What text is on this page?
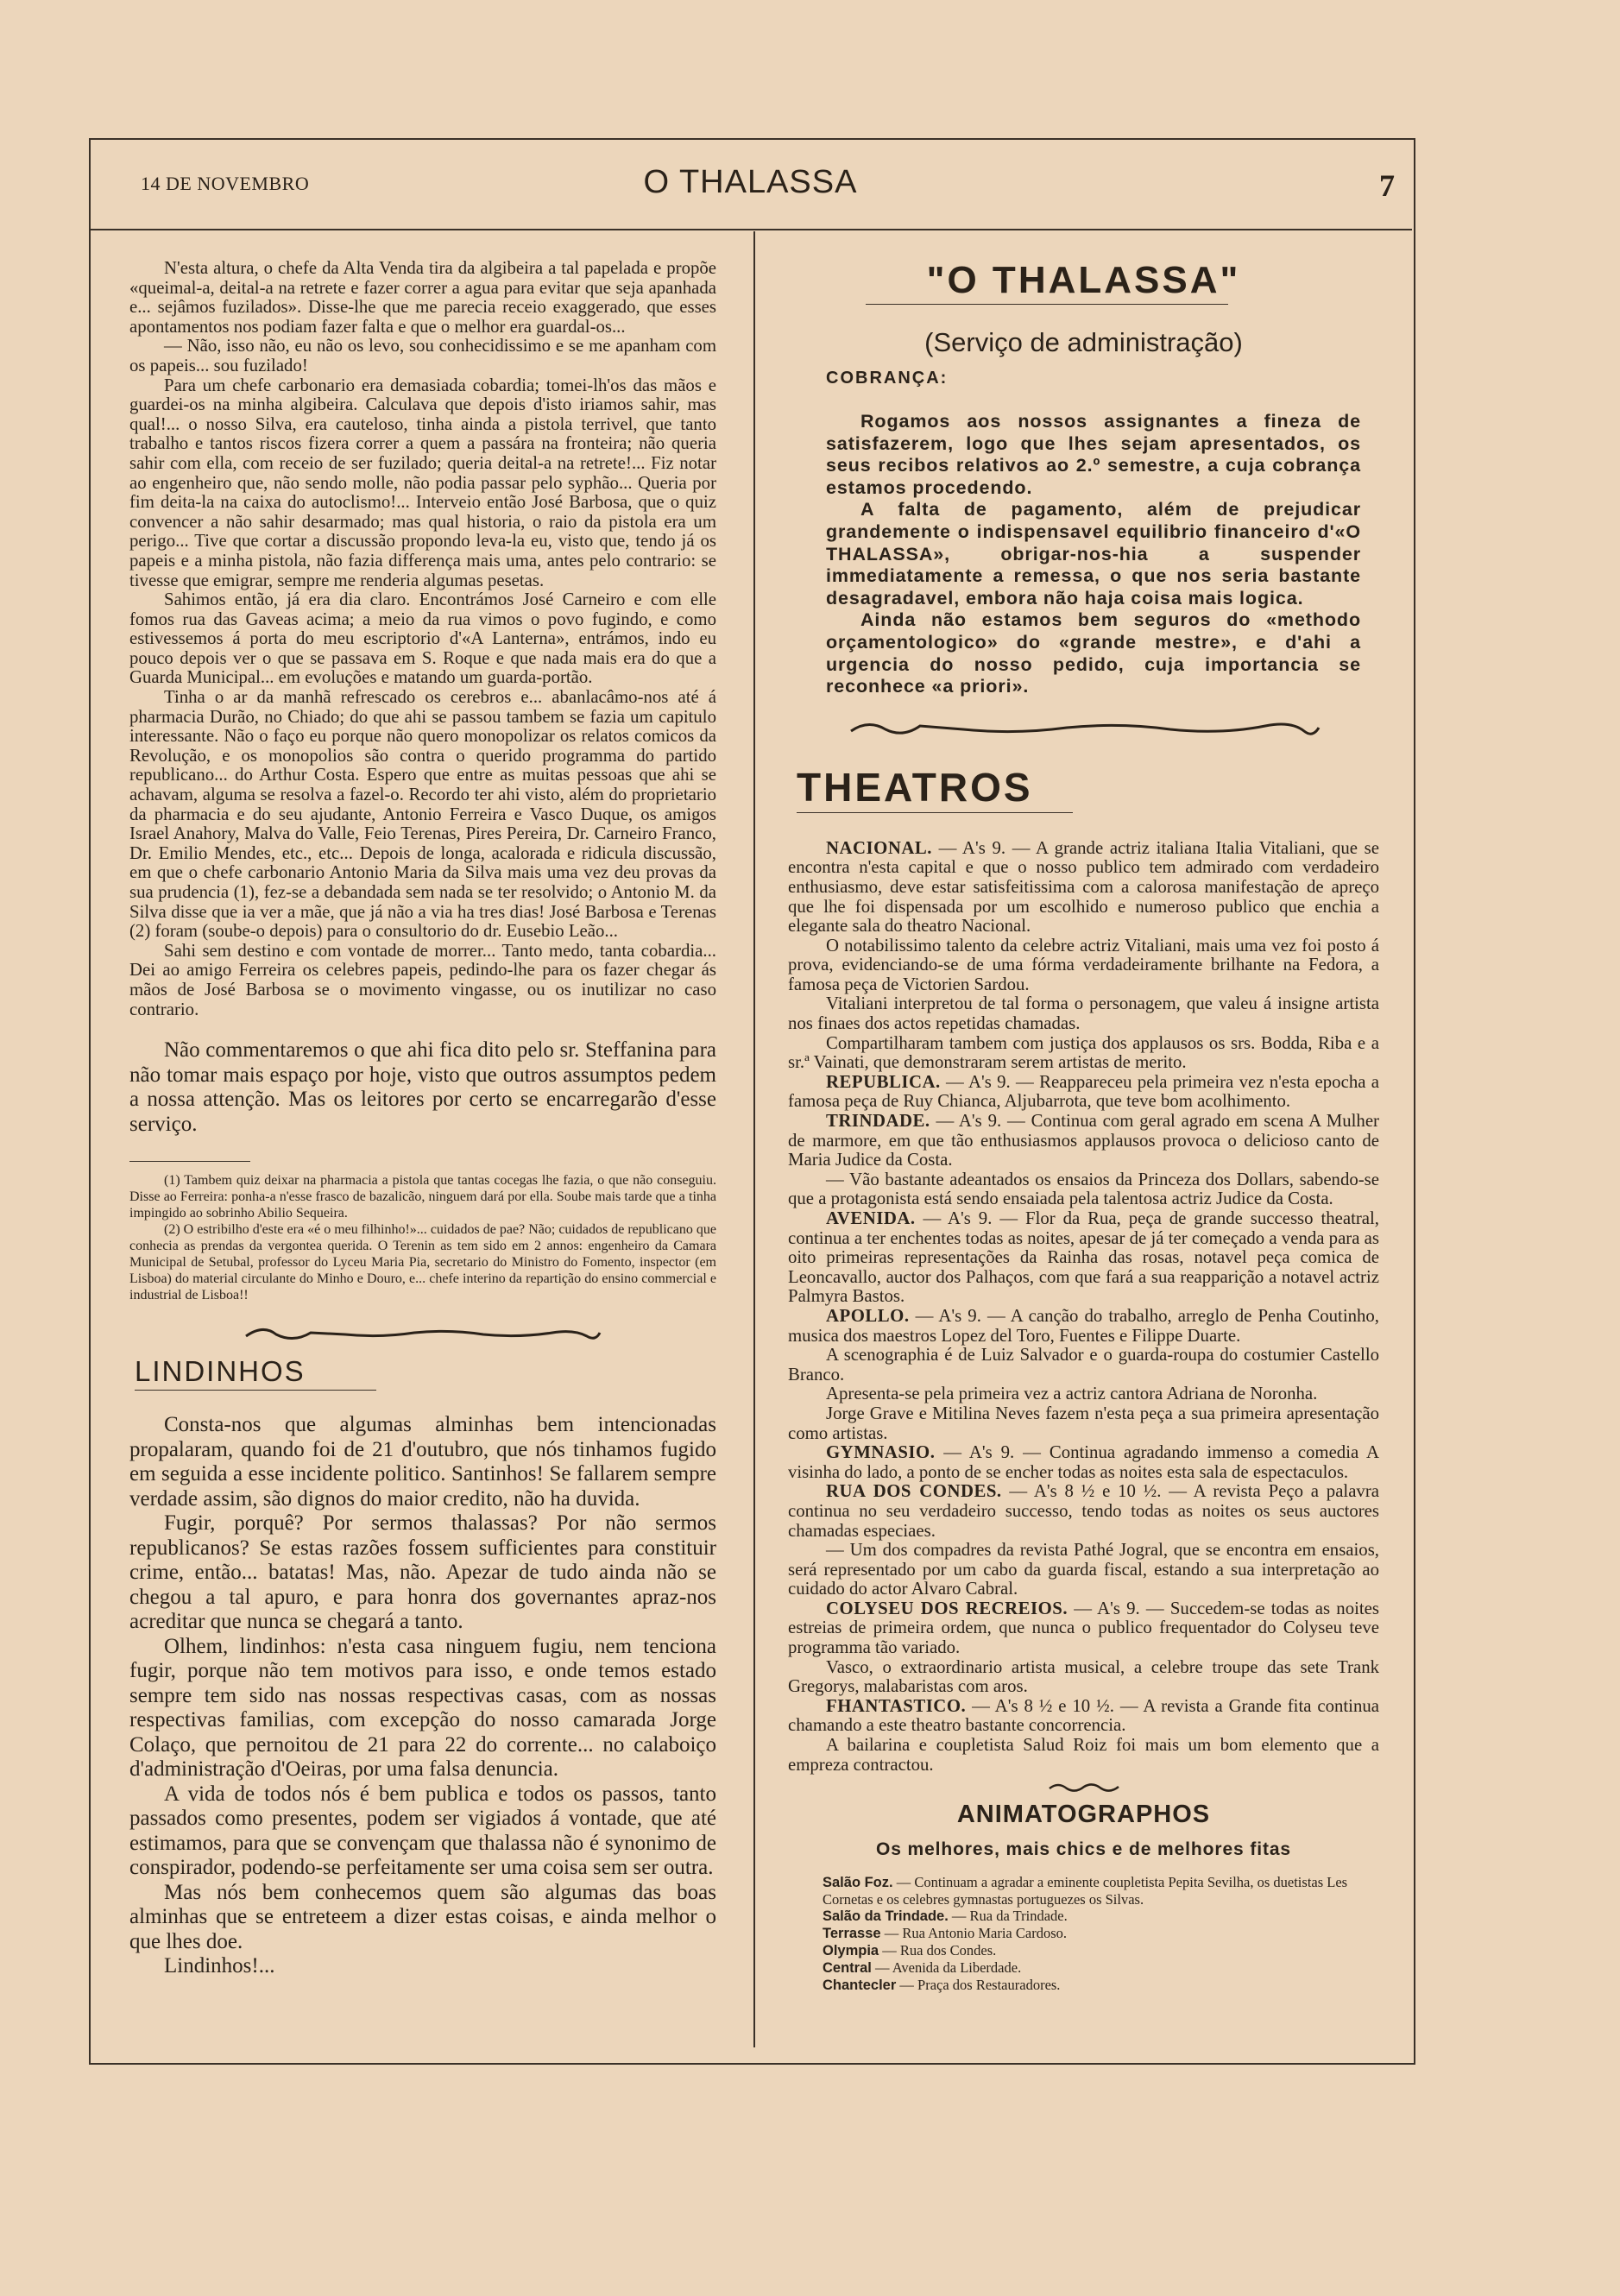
14 DE NOVEMBRO	O THALASSA	7

N'esta altura, o chefe da Alta Venda tira da algibeira a tal papelada e propõe «queimal-a, deital-a na retrete e fazer correr a agua para evitar que seja apanhada e... sejâmos fuzilados». Disse-lhe que me parecia receio exaggerado, que esses apontamentos nos podiam fazer falta e que o melhor era guardal-os...

— Não, isso não, eu não os levo, sou conhecidissimo e se me apanham com os papeis... sou fuzilado!

Para um chefe carbonario era demasiada cobardia; tomei-lh'os das mãos e guardei-os na minha algibeira. Calculava que depois d'isto iriamos sahir, mas qual!... o nosso Silva, era cauteloso, tinha ainda a pistola terrivel, que tanto trabalho e tantos riscos fizera correr a quem a passára na fronteira; não queria sahir com ella, com receio de ser fuzilado; queria deital-a na retrete!... Fiz notar ao engenheiro que, não sendo molle, não podia passar pelo syphão... Queria por fim deita-la na caixa do autoclismo!... Interveio então José Barbosa, que o quiz convencer a não sahir desarmado; mas qual historia, o raio da pistola era um perigo... Tive que cortar a discussão propondo leva-la eu, visto que, tendo já os papeis e a minha pistola, não fazia differença mais uma, antes pelo contrario: se tivesse que emigrar, sempre me renderia algumas pesetas.

Sahimos então, já era dia claro. Encontrámos José Carneiro e com elle fomos rua das Gaveas acima; a meio da rua vimos o povo fugindo, e como estivessemos á porta do meu escriptorio d'«A Lanterna», entrámos, indo eu pouco depois ver o que se passava em S. Roque e que nada mais era do que a Guarda Municipal... em evoluções e matando um guarda-portão.

Tinha o ar da manhã refrescado os cerebros e... abanlacâmo-nos até á pharmacia Durão, no Chiado; do que ahi se passou tambem se fazia um capitulo interessante. Não o faço eu porque não quero monopolizar os relatos comicos da Revolução, e os monopolios são contra o querido programma do partido republicano... do Arthur Costa. Espero que entre as muitas pessoas que ahi se achavam, alguma se resolva a fazel-o. Recordo ter ahi visto, além do proprietario da pharmacia e do seu ajudante, Antonio Ferreira e Vasco Duque, os amigos Israel Anahory, Malva do Valle, Feio Terenas, Pires Pereira, Dr. Carneiro Franco, Dr. Emilio Mendes, etc., etc... Depois de longa, acalorada e ridicula discussão, em que o chefe carbonario Antonio Maria da Silva mais uma vez deu provas da sua prudencia (1), fez-se a debandada sem nada se ter resolvido; o Antonio M. da Silva disse que ia ver a mãe, que já não a via ha tres dias! José Barbosa e Terenas (2) foram (soube-o depois) para o consultorio do dr. Eusebio Leão...

Sahi sem destino e com vontade de morrer... Tanto medo, tanta cobardia... Dei ao amigo Ferreira os celebres papeis, pedindo-lhe para os fazer chegar ás mãos de José Barbosa se o movimento vingasse, ou os inutilizar no caso contrario.

Não commentaremos o que ahi fica dito pelo sr. Steffanina para não tomar mais espaço por hoje, visto que outros assumptos pedem a nossa attenção. Mas os leitores por certo se encarregarão d'esse serviço.

(1) Tambem quiz deixar na pharmacia a pistola que tantas cocegas lhe fazia, o que não conseguiu. Disse ao Ferreira: ponha-a n'esse frasco de bazalicão, ninguem dará por ella. Soube mais tarde que a tinha impingido ao sobrinho Abilio Sequeira.

(2) O estribilho d'este era «é o meu filhinho!»... cuidados de pae? Não; cuidados de republicano que conhecia as prendas da vergontea querida. O Terenin as tem sido em 2 annos: engenheiro da Camara Municipal de Setubal, professor do Lyceu Maria Pia, secretario do Ministro do Fomento, inspector (em Lisboa) do material circulante do Minho e Douro, e... chefe interino da repartição do ensino commercial e industrial de Lisboa!!

LINDINHOS

Consta-nos que algumas alminhas bem intencionadas propalaram, quando foi de 21 d'outubro, que nós tinhamos fugido em seguida a esse incidente politico. Santinhos! Se fallarem sempre verdade assim, são dignos do maior credito, não ha duvida.

Fugir, porquê? Por sermos thalassas? Por não sermos republicanos? Se estas razões fossem sufficientes para constituir crime, então... batatas! Mas, não. Apezar de tudo ainda não se chegou a tal apuro, e para honra dos governantes apraz-nos acreditar que nunca se chegará a tanto.

Olhem, lindinhos: n'esta casa ninguem fugiu, nem tenciona fugir, porque não tem motivos para isso, e onde temos estado sempre tem sido nas nossas respectivas casas, com as nossas respectivas familias, com excepção do nosso camarada Jorge Colaço, que pernoitou de 21 para 22 do corrente... no calaboiço d'administração d'Oeiras, por uma falsa denuncia.

A vida de todos nós é bem publica e todos os passos, tanto passados como presentes, podem ser vigiados á vontade, que até estimamos, para que se convençam que thalassa não é synonimo de conspirador, podendo-se perfeitamente ser uma coisa sem ser outra.

Mas nós bem conhecemos quem são algumas das boas alminhas que se entreteem a dizer estas coisas, e ainda melhor o que lhes doe.

Lindinhos!...

"O THALASSA"
(Serviço de administração)
COBRANÇA:

Rogamos aos nossos assignantes a fineza de satisfazerem, logo que lhes sejam apresentados, os seus recibos relativos ao 2.º semestre, a cuja cobrança estamos procedendo.

A falta de pagamento, além de prejudicar grandemente o indispensavel equilibrio financeiro d'«O THALASSA», obrigar-nos-hia a suspender immediatamente a remessa, o que nos seria bastante desagradavel, embora não haja coisa mais logica.

Ainda não estamos bem seguros do «methodo orçamentologico» do «grande mestre», e d'ahi a urgencia do nosso pedido, cuja importancia se reconhece «a priori».

THEATROS

NACIONAL. — A's 9. — A grande actriz italiana Italia Vitaliani, que se encontra n'esta capital e que o nosso publico tem admirado com verdadeiro enthusiasmo, deve estar satisfeitissima com a calorosa manifestação de apreço que lhe foi dispensada por um escolhido e numeroso publico que enchia a elegante sala do theatro Nacional.

O notabilissimo talento da celebre actriz Vitaliani, mais uma vez foi posto á prova, evidenciando-se de uma fórma verdadeiramente brilhante na Fedora, a famosa peça de Victorien Sardou.

Vitaliani interpretou de tal forma o personagem, que valeu á insigne artista nos finaes dos actos repetidas chamadas.

Compartilharam tambem com justiça dos applausos os srs. Bodda, Riba e a sr.ª Vainati, que demonstraram serem artistas de merito.

REPUBLICA. — A's 9. — Reappareceu pela primeira vez n'esta epocha a famosa peça de Ruy Chianca, Aljubarrota, que teve bom acolhimento.

TRINDADE. — A's 9. — Continua com geral agrado em scena A Mulher de marmore, em que tão enthusiasmos applausos provoca o delicioso canto de Maria Judice da Costa.

— Vão bastante adeantados os ensaios da Princeza dos Dollars, sabendo-se que a protagonista está sendo ensaiada pela talentosa actriz Judice da Costa.

AVENIDA. — A's 9. — Flor da Rua, peça de grande successo theatral, continua a ter enchentes todas as noites, apesar de já ter começado a venda para as oito primeiras representações da Rainha das rosas, notavel peça comica de Leoncavallo, auctor dos Palhaços, com que fará a sua reapparição a notavel actriz Palmyra Bastos.

APOLLO. — A's 9. — A canção do trabalho, arreglo de Penha Coutinho, musica dos maestros Lopez del Toro, Fuentes e Filippe Duarte.

A scenographia é de Luiz Salvador e o guarda-roupa do costumier Castello Branco.

Apresenta-se pela primeira vez a actriz cantora Adriana de Noronha.

Jorge Grave e Mitilina Neves fazem n'esta peça a sua primeira apresentação como artistas.

GYMNASIO. — A's 9. — Continua agradando immenso a comedia A visinha do lado, a ponto de se encher todas as noites esta sala de espectaculos.

RUA DOS CONDES. — A's 8 ½ e 10 ½. — A revista Peço a palavra continua no seu verdadeiro successo, tendo todas as noites os seus auctores chamadas especiaes.

— Um dos compadres da revista Pathé Jogral, que se encontra em ensaios, será representado por um cabo da guarda fiscal, estando a sua interpretação ao cuidado do actor Alvaro Cabral.

COLYSEU DOS RECREIOS. — A's 9. — Succedem-se todas as noites estreias de primeira ordem, que nunca o publico frequentador do Colyseu teve programma tão variado.

Vasco, o extraordinario artista musical, a celebre troupe das sete Trank Gregorys, malabaristas com aros.

FHANTASTICO. — A's 8 ½ e 10 ½. — A revista a Grande fita continua chamando a este theatro bastante concorrencia.

A bailarina e coupletista Salud Roiz foi mais um bom elemento que a empreza contractou.

ANIMATOGRAPHOS
Os melhores, mais chics e de melhores fitas
Salão Foz. — Continuam a agradar a eminente coupletista Pepita Sevilha, os duetistas Les Cornetas e os celebres gymnastas portuguezes os Silvas.
Salão da Trindade. — Rua da Trindade.
Terrasse — Rua Antonio Maria Cardoso.
Olympia — Rua dos Condes.
Central — Avenida da Liberdade.
Chantecler — Praça dos Restauradores.
